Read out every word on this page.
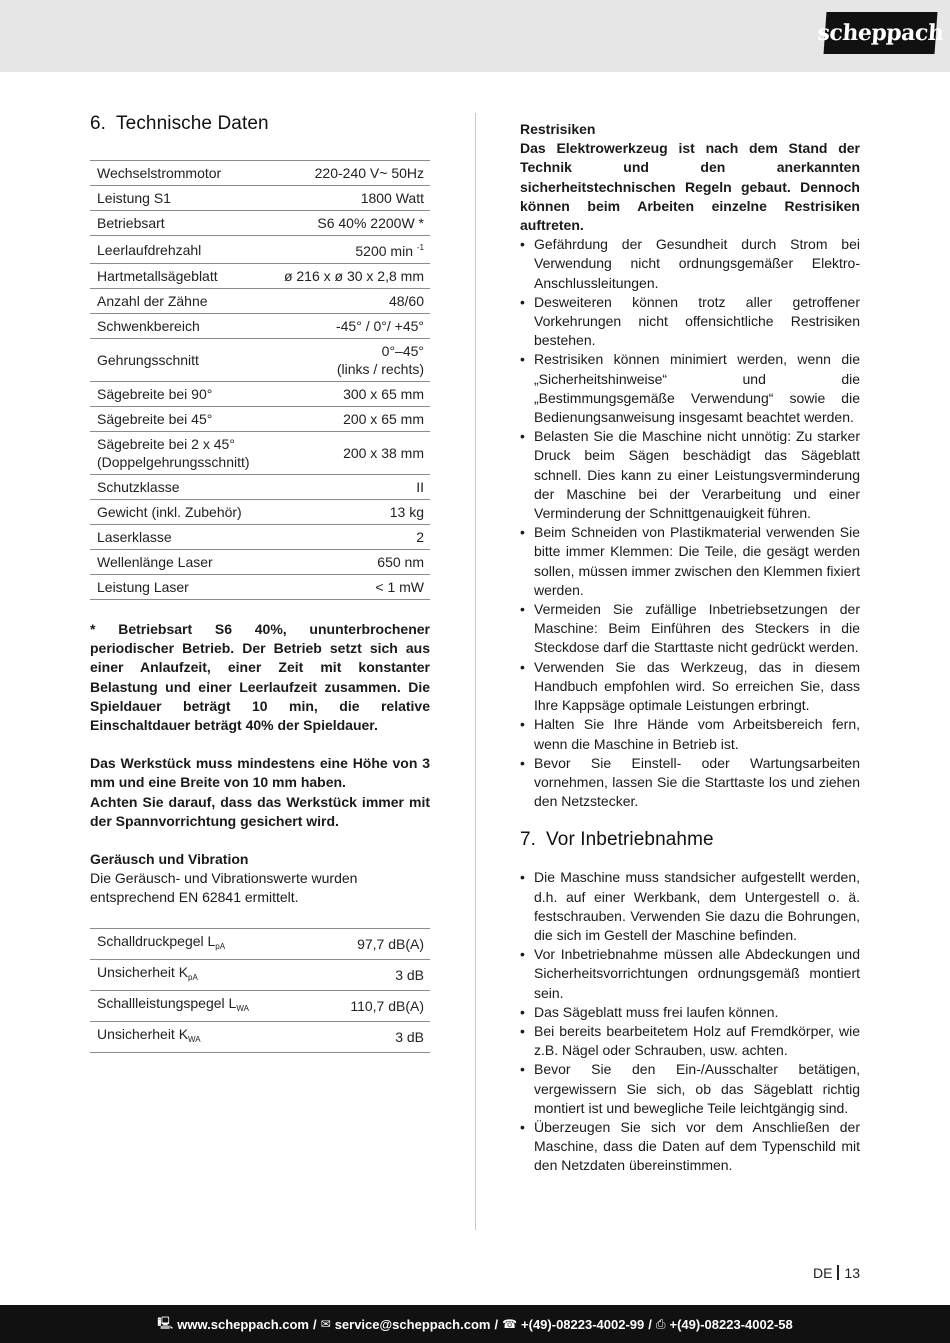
scheppach
6. Technische Daten
Wechselstrommotor	220-240 V~ 50Hz
Leistung S1	1800 Watt
Betriebsart	S6 40% 2200W *
Leerlaufdrehzahl	5200 min $^{-1}$
Hartmetallsägeblatt	ø 216 x ø 30 x 2,8 mm
Anzahl der Zähne	48/60
Schwenkbereich	-45° / 0°/ +45°
Gehrungsschnitt	0°–45°
(links / rechts)

Sägebreite bei 90°	300 x 65 mm
Sägebreite bei 45°	200 x 65 mm

Sägebreite bei 2 x 45°
(Doppelgehrungsschnitt)	200 x 38 mm
Schutzklasse	II
Gewicht (inkl. Zubehör)	13 kg
Laserklasse	2
Wellenlänge Laser	650 nm
Leistung Laser	< 1 mW

* Betriebsart S6 40%, ununterbrochener periodischer Betrieb. Der Betrieb setzt sich aus einer Anlaufzeit, einer Zeit mit konstanter Belastung und einer Leerlaufzeit zusammen. Die Spieldauer beträgt 10 min, die relative Einschaltdauer beträgt 40% der Spieldauer.

Das Werkstück muss mindestens eine Höhe von 3 mm und eine Breite von 10 mm haben.

Achten Sie darauf, dass das Werkstück immer mit der Spannvorrichtung gesichert wird.

Geräusch und Vibration

Die Geräusch- und Vibrationswerte wurden entsprechend EN 62841 ermittelt.

Schalldruckpegel $L_{pA}$	97,7 dB(A)
Unsicherheit $K_{pA}$	3 dB
Schallleistungspegel $L_{WA}$	110,7 dB(A)
Unsicherheit $K_{WA}$	3 dB

Restrisiken

Das Elektrowerkzeug ist nach dem Stand der Technik und den anerkannten sicherheitstechnischen Regeln gebaut. Dennoch können beim Arbeiten einzelne Restrisiken auftreten.

• Gefährdung der Gesundheit durch Strom bei Verwendung nicht ordnungsgemäßer Elektro-Anschlussleitungen.
• Desweiteren können trotz aller getroffener Vorkehrungen nicht offensichtliche Restrisiken bestehen.
• Restrisiken können minimiert werden, wenn die „Sicherheitshinweise“ und die „Bestimmungsgemäße Verwendung“ sowie die Bedienungsanweisung insgesamt beachtet werden.
• Belasten Sie die Maschine nicht unnötig: Zu starker Druck beim Sägen beschädigt das Sägeblatt schnell. Dies kann zu einer Leistungsverminderung der Maschine bei der Verarbeitung und einer Verminderung der Schnittgenauigkeit führen.
• Beim Schneiden von Plastikmaterial verwenden Sie bitte immer Klemmen: Die Teile, die gesägt werden sollen, müssen immer zwischen den Klemmen fixiert werden.
• Vermeiden Sie zufällige Inbetriebsetzungen der Maschine: Beim Einführen des Steckers in die Steckdose darf die Starttaste nicht gedrückt werden.
• Verwenden Sie das Werkzeug, das in diesem Handbuch empfohlen wird. So erreichen Sie, dass Ihre Kappsäge optimale Leistungen erbringt.
• Halten Sie Ihre Hände vom Arbeitsbereich fern, wenn die Maschine in Betrieb ist.
• Bevor Sie Einstell- oder Wartungsarbeiten vornehmen, lassen Sie die Starttaste los und ziehen den Netzstecker.
7. Vor Inbetriebnahme
• Die Maschine muss standsicher aufgestellt werden, d.h. auf einer Werkbank, dem Untergestell o. ä. festschrauben. Verwenden Sie dazu die Bohrungen, die sich im Gestell der Maschine befinden.
• Vor Inbetriebnahme müssen alle Abdeckungen und Sicherheitsvorrichtungen ordnungsgemäß montiert sein.
• Das Sägeblatt muss frei laufen können.
• Bei bereits bearbeitetem Holz auf Fremdkörper, wie z.B. Nägel oder Schrauben, usw. achten.
• Bevor Sie den Ein-/Ausschalter betätigen, vergewissern Sie sich, ob das Sägeblatt richtig montiert ist und bewegliche Teile leichtgängig sind.
• Überzeugen Sie sich vor dem Anschließen der Maschine, dass die Daten auf dem Typenschild mit den Netzdaten übereinstimmen.
DE 13
🖳 www.scheppach.com / ✉ service@scheppach.com / ☎ +(49)-08223-4002-99 / ⎙ +(49)-08223-4002-58
